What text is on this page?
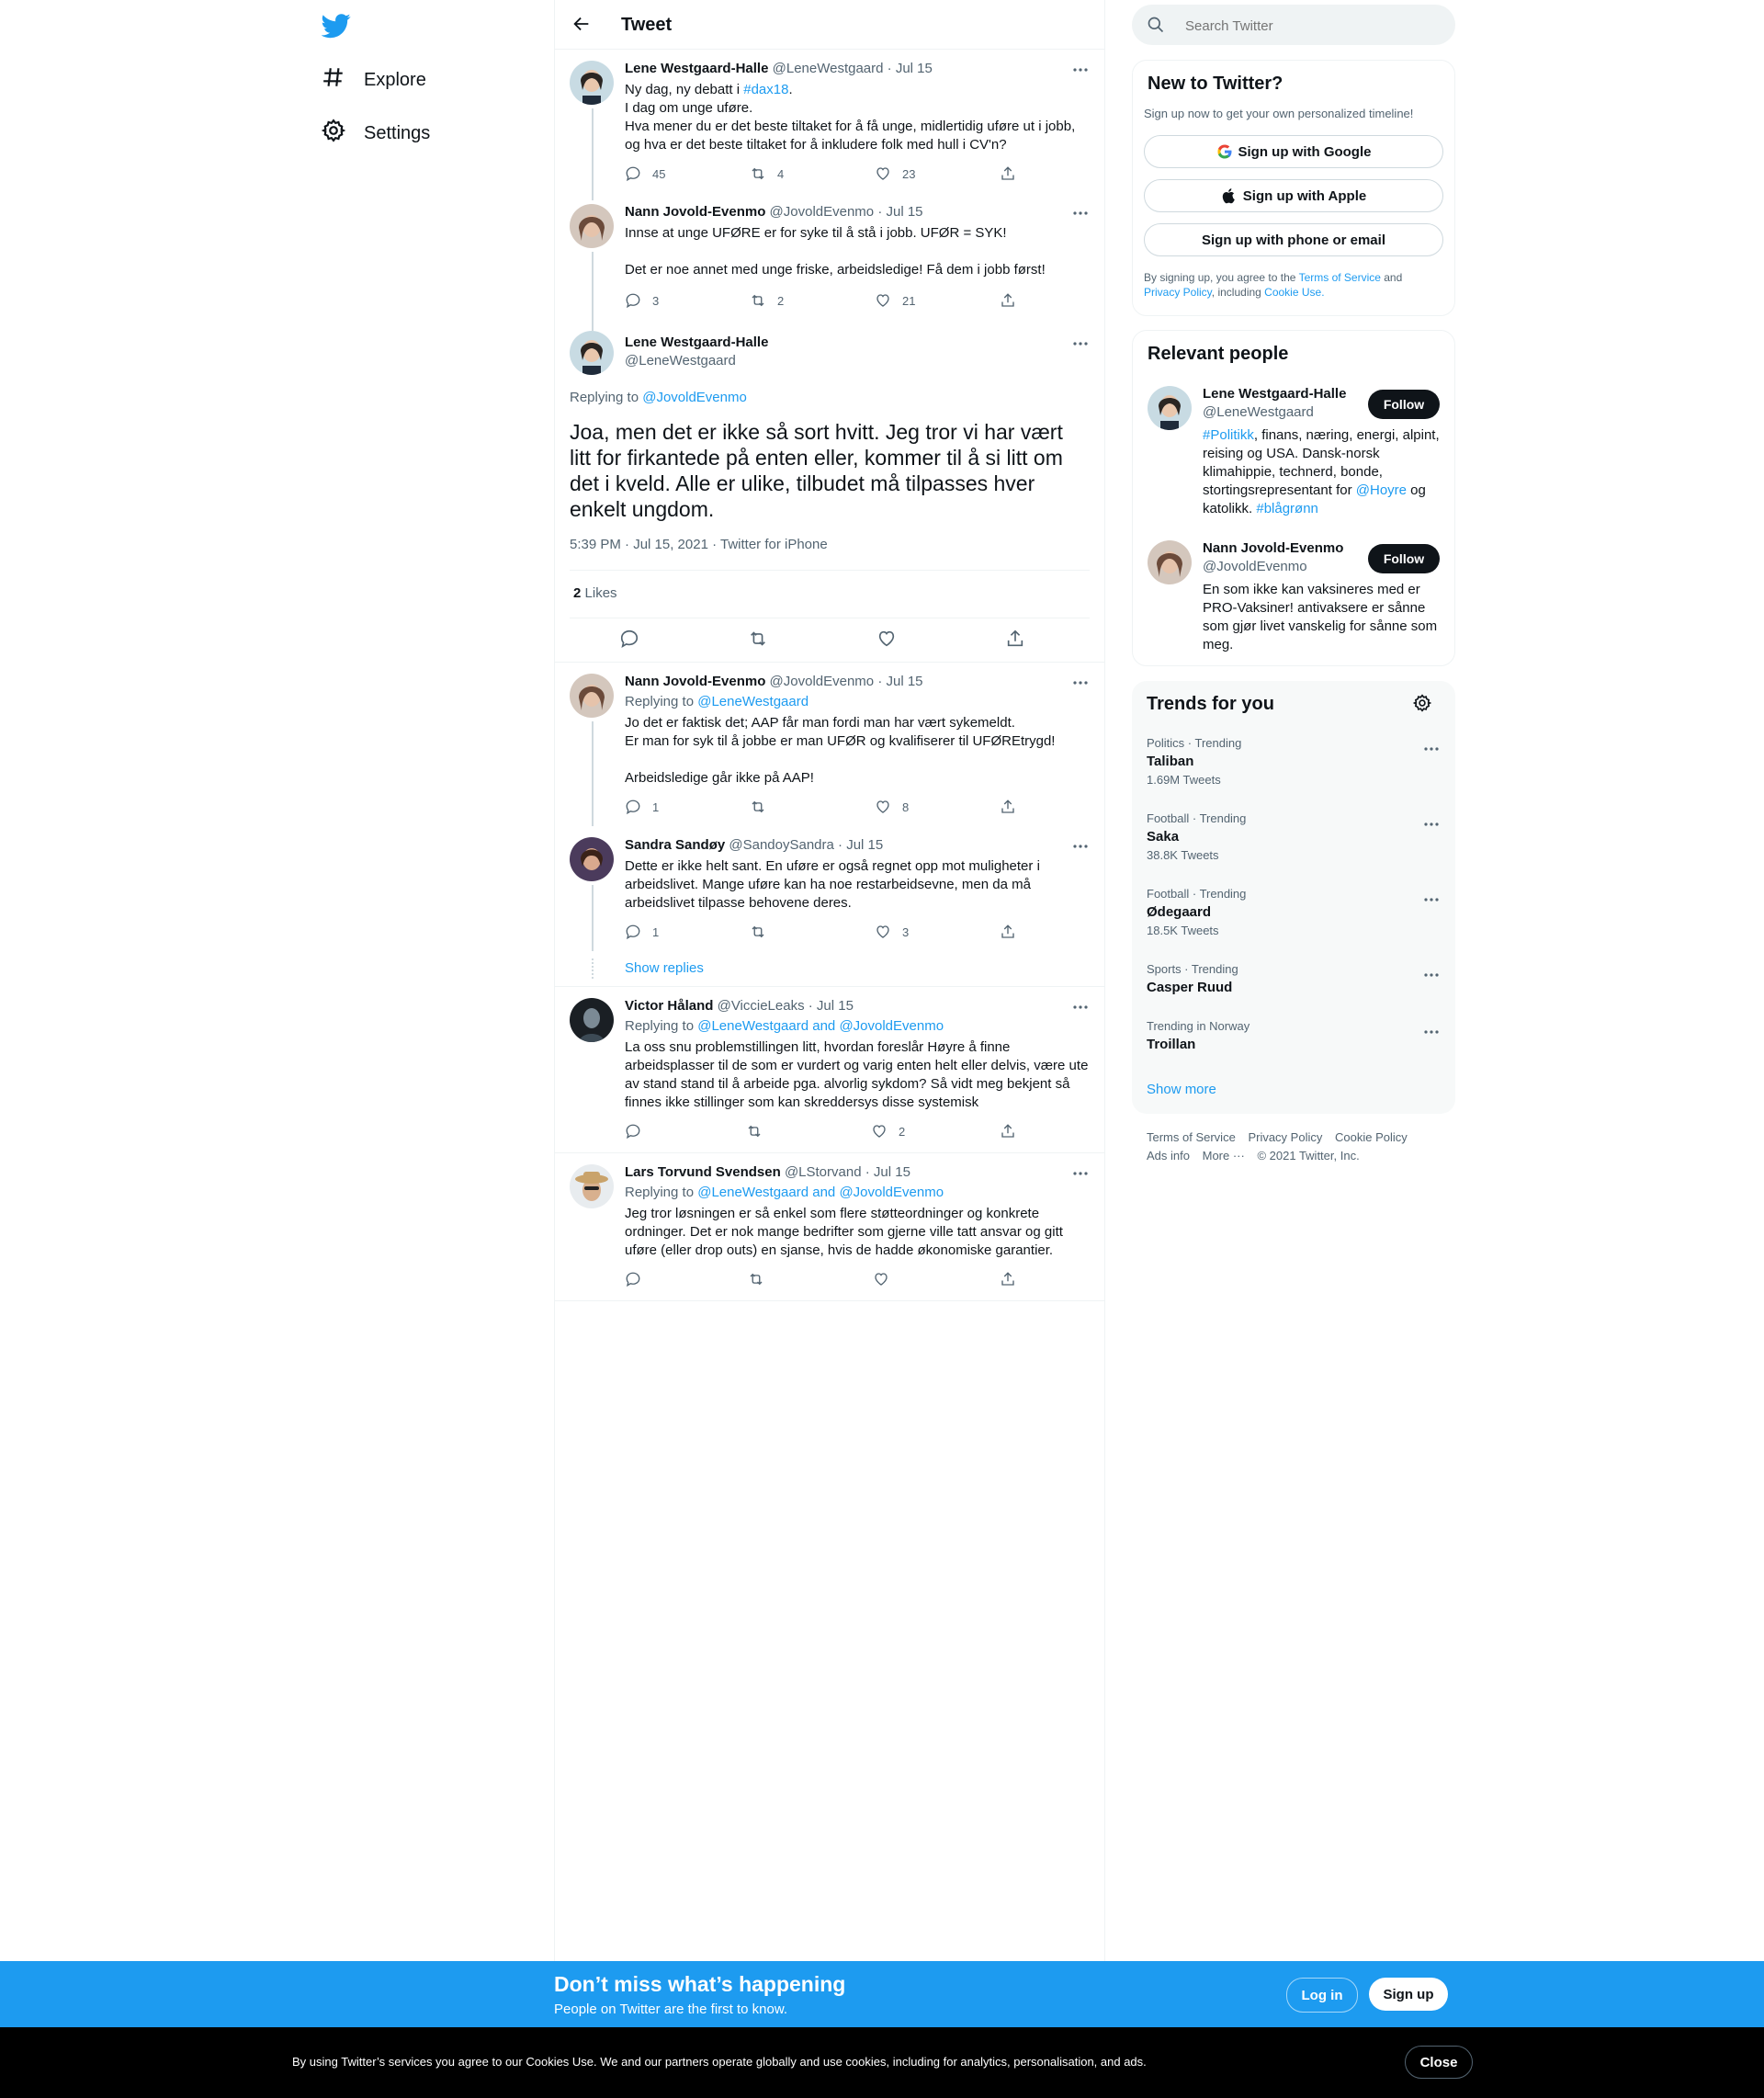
Explore
Settings
Tweet
Lene Westgaard-Halle @LeneWestgaard · Jul 15
Ny dag, ny debatt i #dax18.
I dag om unge uføre.
Hva mener du er det beste tiltaket for å få unge, midlertidig uføre ut i jobb,
og hva er det beste tiltaket for å inkludere folk med hull i CV'n?
45	4	23
Nann Jovold-Evenmo @JovoldEvenmo · Jul 15
Innse at unge UFØRE er for syke til å stå i jobb. UFØR = SYK!

Det er noe annet med unge friske, arbeidsledige! Få dem i jobb først!
3	2	21
Lene Westgaard-Halle
@LeneWestgaard
Replying to @JovoldEvenmo
Joa, men det er ikke så sort hvitt. Jeg tror vi har vært litt for firkantede på enten eller, kommer til å si litt om det i kveld. Alle er ulike, tilbudet må tilpasses hver enkelt ungdom.
5:39 PM · Jul 15, 2021 · Twitter for iPhone
2 Likes
Nann Jovold-Evenmo @JovoldEvenmo · Jul 15
Replying to @LeneWestgaard
Jo det er faktisk det; AAP får man fordi man har vært sykemeldt.
Er man for syk til å jobbe er man UFØR og kvalifiserer til UFØREtrygd!

Arbeidsledige går ikke på AAP!
1	8
Sandra Sandøy @SandoySandra · Jul 15
Dette er ikke helt sant. En uføre er også regnet opp mot muligheter i
arbeidslivet. Mange uføre kan ha noe restarbeidsevne, men da må
arbeidslivet tilpasse behovene deres.
1	3
Show replies
Victor Håland @ViccieLeaks · Jul 15
Replying to @LeneWestgaard and @JovoldEvenmo
La oss snu problemstillingen litt, hvordan foreslår Høyre å finne
arbeidsplasser til de som er vurdert og varig enten helt eller delvis, være ute
av stand stand til å arbeide pga. alvorlig sykdom? Så vidt meg bekjent så
finnes ikke stillinger som kan skreddersys disse systemisk
2
Lars Torvund Svendsen @LStorvand · Jul 15
Replying to @LeneWestgaard and @JovoldEvenmo
Jeg tror løsningen er så enkel som flere støtteordninger og konkrete
ordninger. Det er nok mange bedrifter som gjerne ville tatt ansvar og gitt
uføre (eller drop outs) en sjanse, hvis de hadde økonomiske garantier.
Search Twitter
New to Twitter?
Sign up now to get your own personalized timeline!
Sign up with Google
Sign up with Apple
Sign up with phone or email
By signing up, you agree to the Terms of Service and
Privacy Policy, including Cookie Use.
Relevant people
Lene Westgaard-Halle
@LeneWestgaard	Follow
#Politikk, finans, næring, energi, alpint, reising og USA. Dansk-norsk klimahippie, technerd, bonde, stortingsrepresentant for @Hoyre og katolikk. #blågrønn
Nann Jovold-Evenmo
@JovoldEvenmo	Follow
En som ikke kan vaksineres med er PRO-Vaksiner! antivaksere er sånne som gjør livet vanskelig for sånne som meg.
Trends for you
Politics · Trending
Taliban
1.69M Tweets
Football · Trending
Saka
38.8K Tweets
Football · Trending
Ødegaard
18.5K Tweets
Sports · Trending
Casper Ruud
Trending in Norway
Troillan
Show more
Terms of Service Privacy Policy Cookie Policy
Ads info More ··· © 2021 Twitter, Inc.
Don’t miss what’s happening
People on Twitter are the first to know.
Log in	Sign up
By using Twitter’s services you agree to our Cookies Use. We and our partners operate globally and use cookies, including for analytics, personalisation, and ads.	Close
